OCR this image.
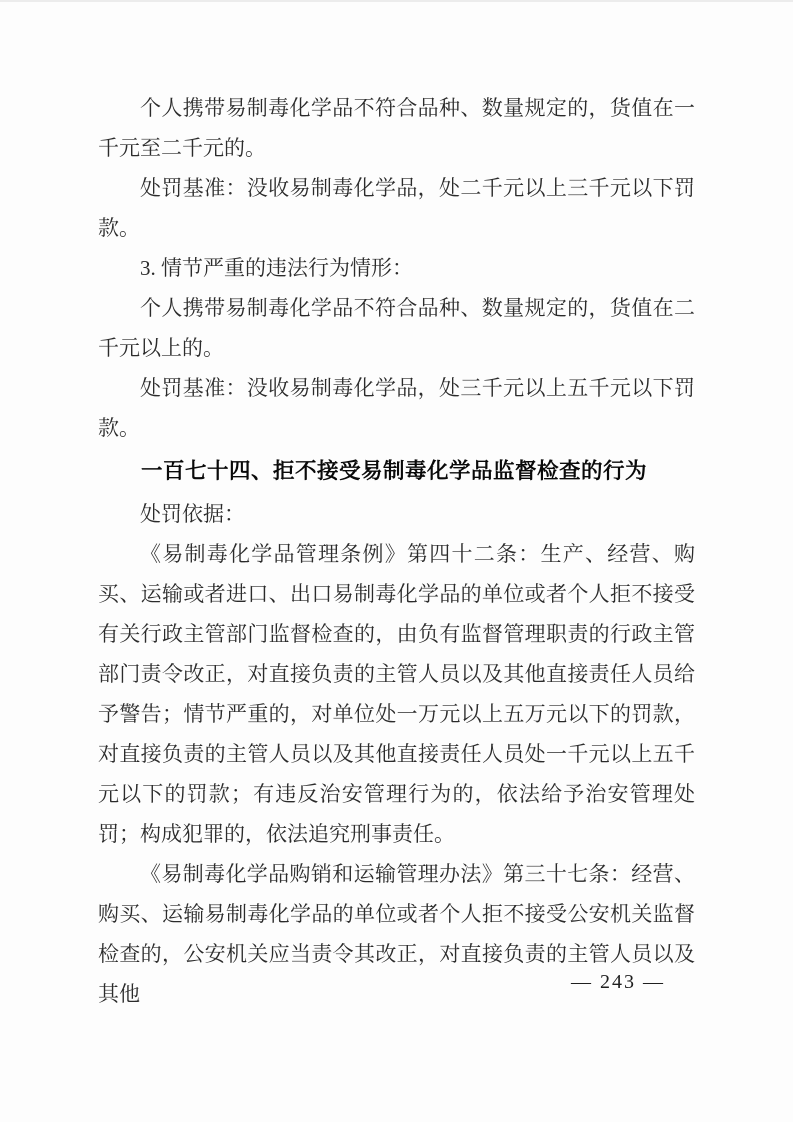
个人携带易制毒化学品不符合品种、数量规定的，货值在一千元至二千元的。

处罚基准：没收易制毒化学品，处二千元以上三千元以下罚款。

3. 情节严重的违法行为情形：

个人携带易制毒化学品不符合品种、数量规定的，货值在二千元以上的。

处罚基准：没收易制毒化学品，处三千元以上五千元以下罚款。

一百七十四、拒不接受易制毒化学品监督检查的行为

处罚依据：

《易制毒化学品管理条例》第四十二条：生产、经营、购买、运输或者进口、出口易制毒化学品的单位或者个人拒不接受有关行政主管部门监督检查的，由负有监督管理职责的行政主管部门责令改正，对直接负责的主管人员以及其他直接责任人员给予警告；情节严重的，对单位处一万元以上五万元以下的罚款，对直接负责的主管人员以及其他直接责任人员处一千元以上五千元以下的罚款；有违反治安管理行为的，依法给予治安管理处罚；构成犯罪的，依法追究刑事责任。

《易制毒化学品购销和运输管理办法》第三十七条：经营、购买、运输易制毒化学品的单位或者个人拒不接受公安机关监督检查的，公安机关应当责令其改正，对直接负责的主管人员以及其他	— 243 —
